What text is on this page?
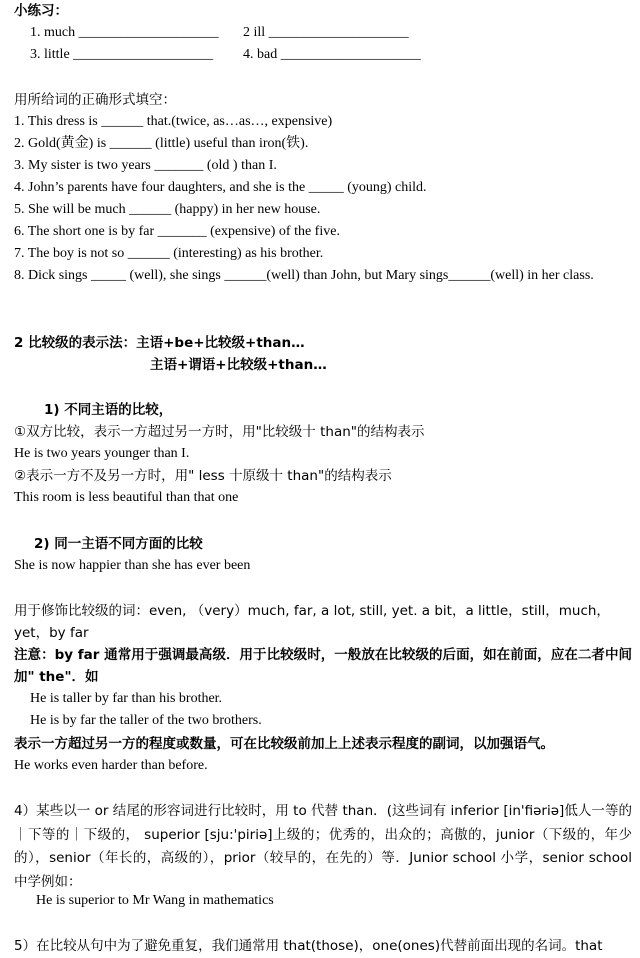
小练习：
1. much ____________________	2 ill ____________________
3. little ____________________	4. bad ____________________
用所给词的正确形式填空：
1. This dress is ______ that.(twice, as…as…, expensive)
2. Gold(黄金) is ______ (little) useful than iron(铁).
3. My sister is two years _______ (old ) than I.
4. John’s parents have four daughters, and she is the _____ (young) child.
5. She will be much ______ (happy) in her new house.
6. The short one is by far _______ (expensive) of the five.
7. The boy is not so ______ (interesting) as his brother.
8. Dick sings _____ (well), she sings ______(well) than John, but Mary sings______(well) in her class.
2 比较级的表示法：主语+be+比较级+than…
主语+谓语+比较级+than…
1) 不同主语的比较，
①双方比较，表示一方超过另一方时，用"比较级十 than"的结构表示
He is two years younger than I.
②表示一方不及另一方时，用" less 十原级十 than"的结构表示
This room is less beautiful than that one
2) 同一主语不同方面的比较
She is now happier than she has ever been
用于修饰比较级的词：even, （very）much, far, a lot, still, yet. a bit，a little，still，much，yet，by far
注意：by far 通常用于强调最高级．用于比较级时，一般放在比较级的后面，如在前面，应在二者中间加" the"．如
He is taller by far than his brother.
He is by far the taller of the two brothers.
表示一方超过另一方的程度或数量，可在比较级前加上上述表示程度的副词，以加强语气。
He works even harder than before.
4）某些以一 or 结尾的形容词进行比较时，用 to 代替 than．(这些词有 inferior [in'fiəriə]低人一等的｜下等的｜下级的， superior [sju:'piriə]上级的；优秀的，出众的；高傲的，junior（下级的，年少的），senior（年长的，高级的），prior（较早的，在先的）等．Junior school 小学，senior school 中学例如：
He is superior to Mr Wang in mathematics
5）在比较从句中为了避免重复，我们通常用 that(those)，one(ones)代替前面出现的名词。that
